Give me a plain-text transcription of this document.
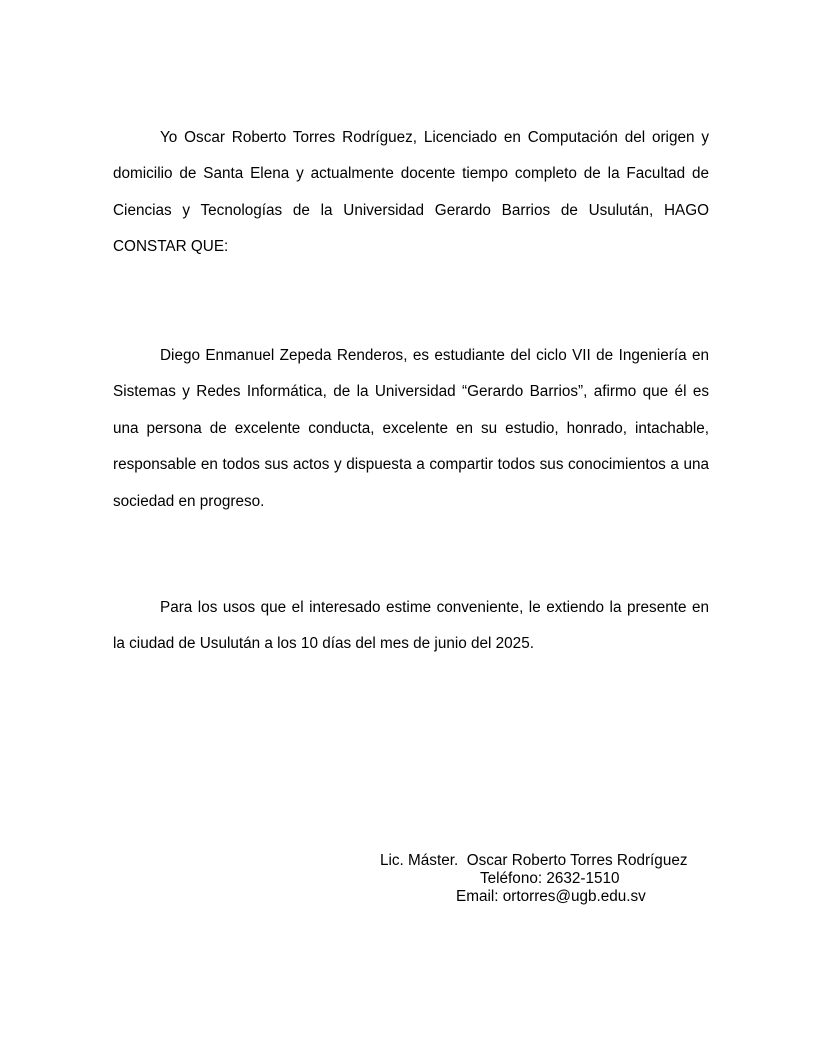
Yo Oscar Roberto Torres Rodríguez, Licenciado en Computación del origen y domicilio de Santa Elena y actualmente docente tiempo completo de la Facultad de Ciencias y Tecnologías de la Universidad Gerardo Barrios de Usulután, HAGO CONSTAR QUE:

Diego Enmanuel Zepeda Renderos, es estudiante del ciclo VII de Ingeniería en Sistemas y Redes Informática, de la Universidad “Gerardo Barrios”, afirmo que él es una persona de excelente conducta, excelente en su estudio, honrado, intachable, responsable en todos sus actos y dispuesta a compartir todos sus conocimientos a una sociedad en progreso.

Para los usos que el interesado estime conveniente, le extiendo la presente en la ciudad de Usulután a los 10 días del mes de junio del 2025.

Lic. Máster.  Oscar Roberto Torres Rodríguez
Teléfono: 2632-1510
Email: ortorres@ugb.edu.sv
